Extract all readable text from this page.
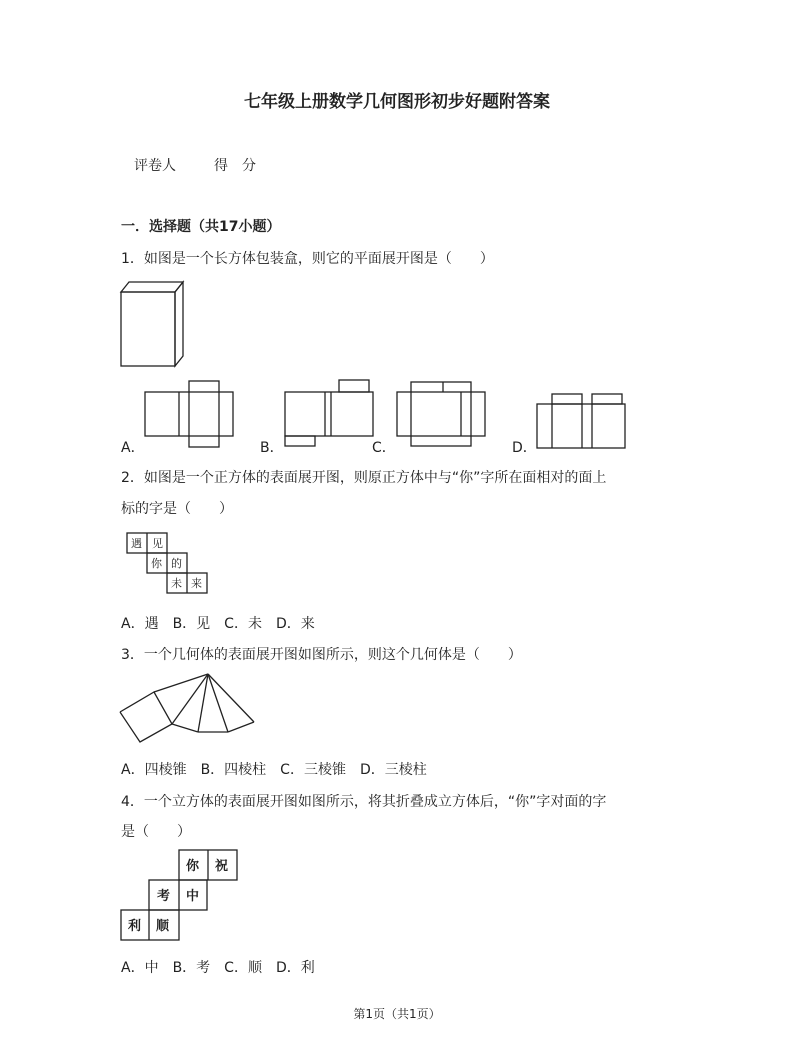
七年级上册数学几何图形初步好题附答案
评卷人	得　分
一．选择题（共17小题）
1．如图是一个长方体包装盒，则它的平面展开图是（　　）
A．	B．	C．	D．
2．如图是一个正方体的表面展开图，则原正方体中与“你”字所在面相对的面上
标的字是（　　）
遇 见
你 的
未 来
A．遇　B．见　C．未　D．来
3．一个几何体的表面展开图如图所示，则这个几何体是（　　）
A．四棱锥　B．四棱柱　C．三棱锥　D．三棱柱
4．一个立方体的表面展开图如图所示，将其折叠成立方体后，“你”字对面的字
是（　　）
你 祝
考 中
利 顺
A．中　B．考　C．顺　D．利
第1页（共1页）
